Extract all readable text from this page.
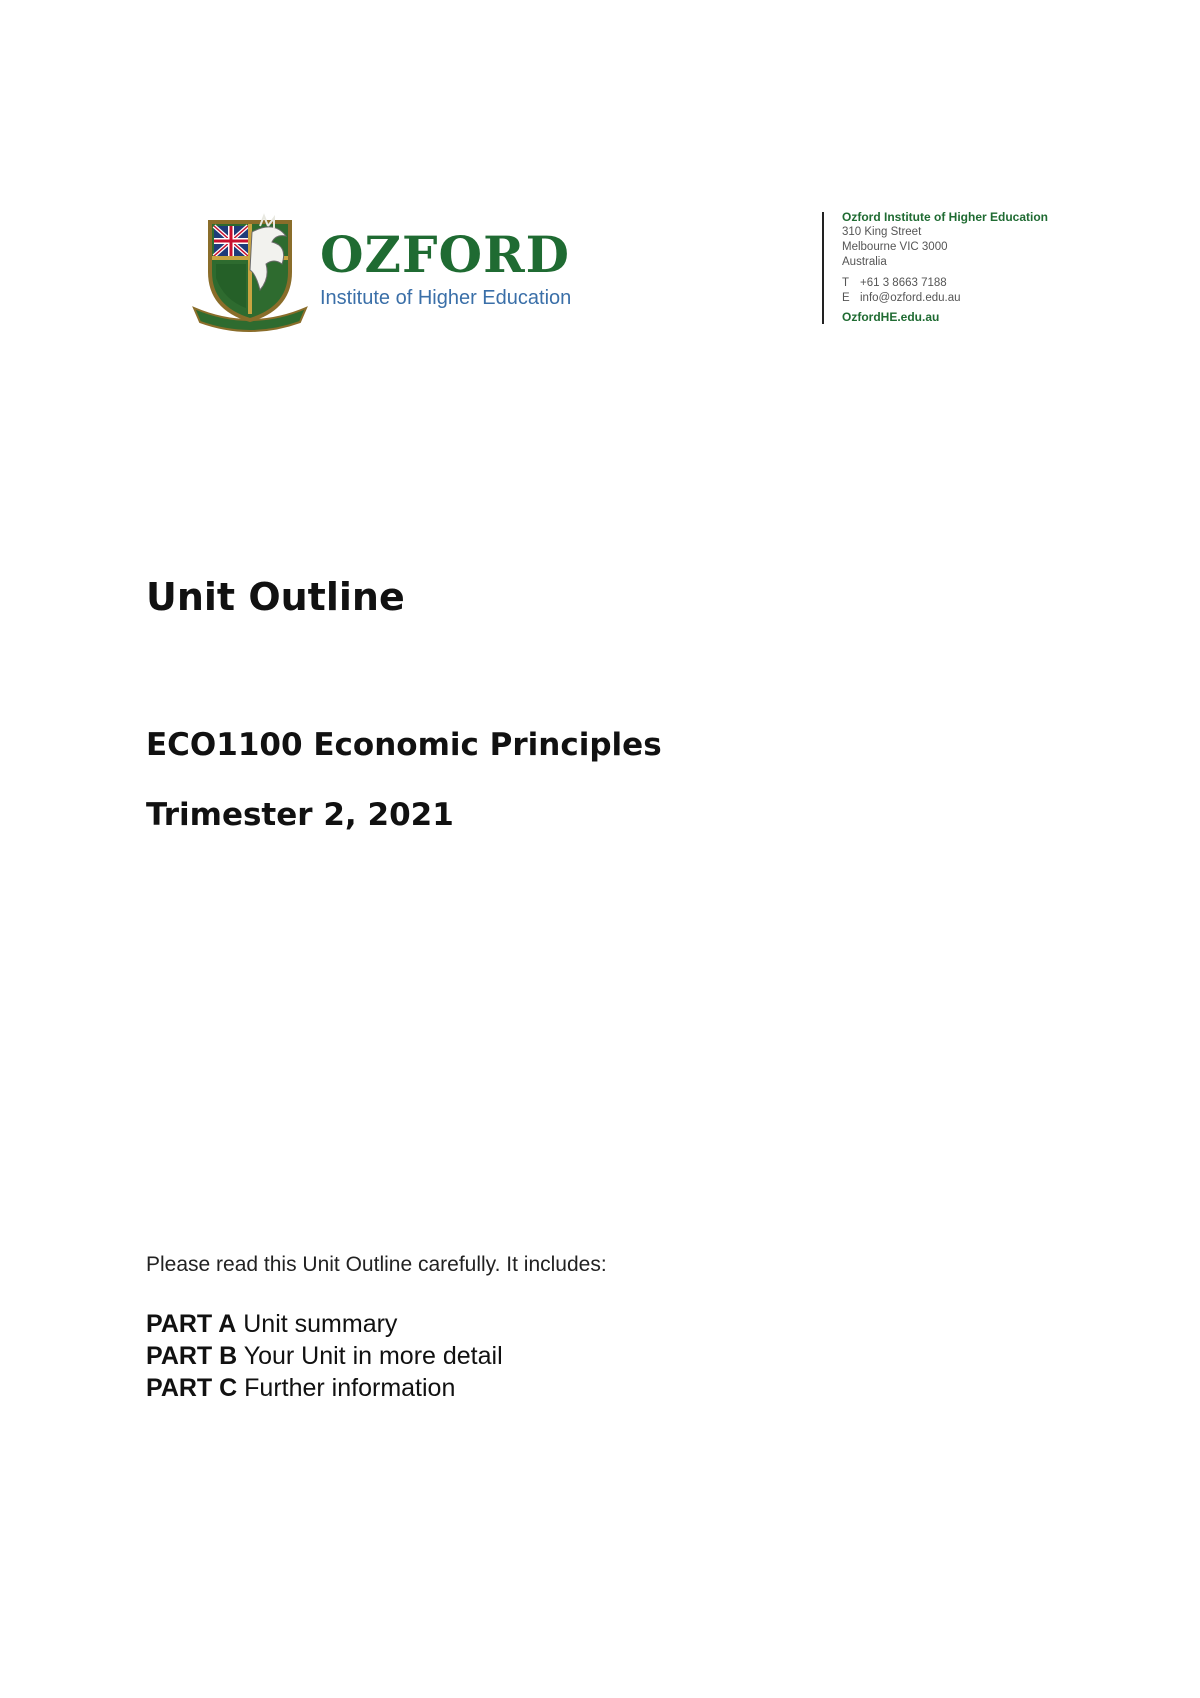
OZFORD
Institute of Higher Education
Ozford Institute of Higher Education
310 King Street
Melbourne VIC 3000
Australia
T +61 3 8663 7188
E info@ozford.edu.au
OzfordHE.edu.au
Unit Outline
ECO1100 Economic Principles
Trimester 2, 2021
Please read this Unit Outline carefully. It includes:
PART A Unit summary
PART B Your Unit in more detail
PART C Further information
